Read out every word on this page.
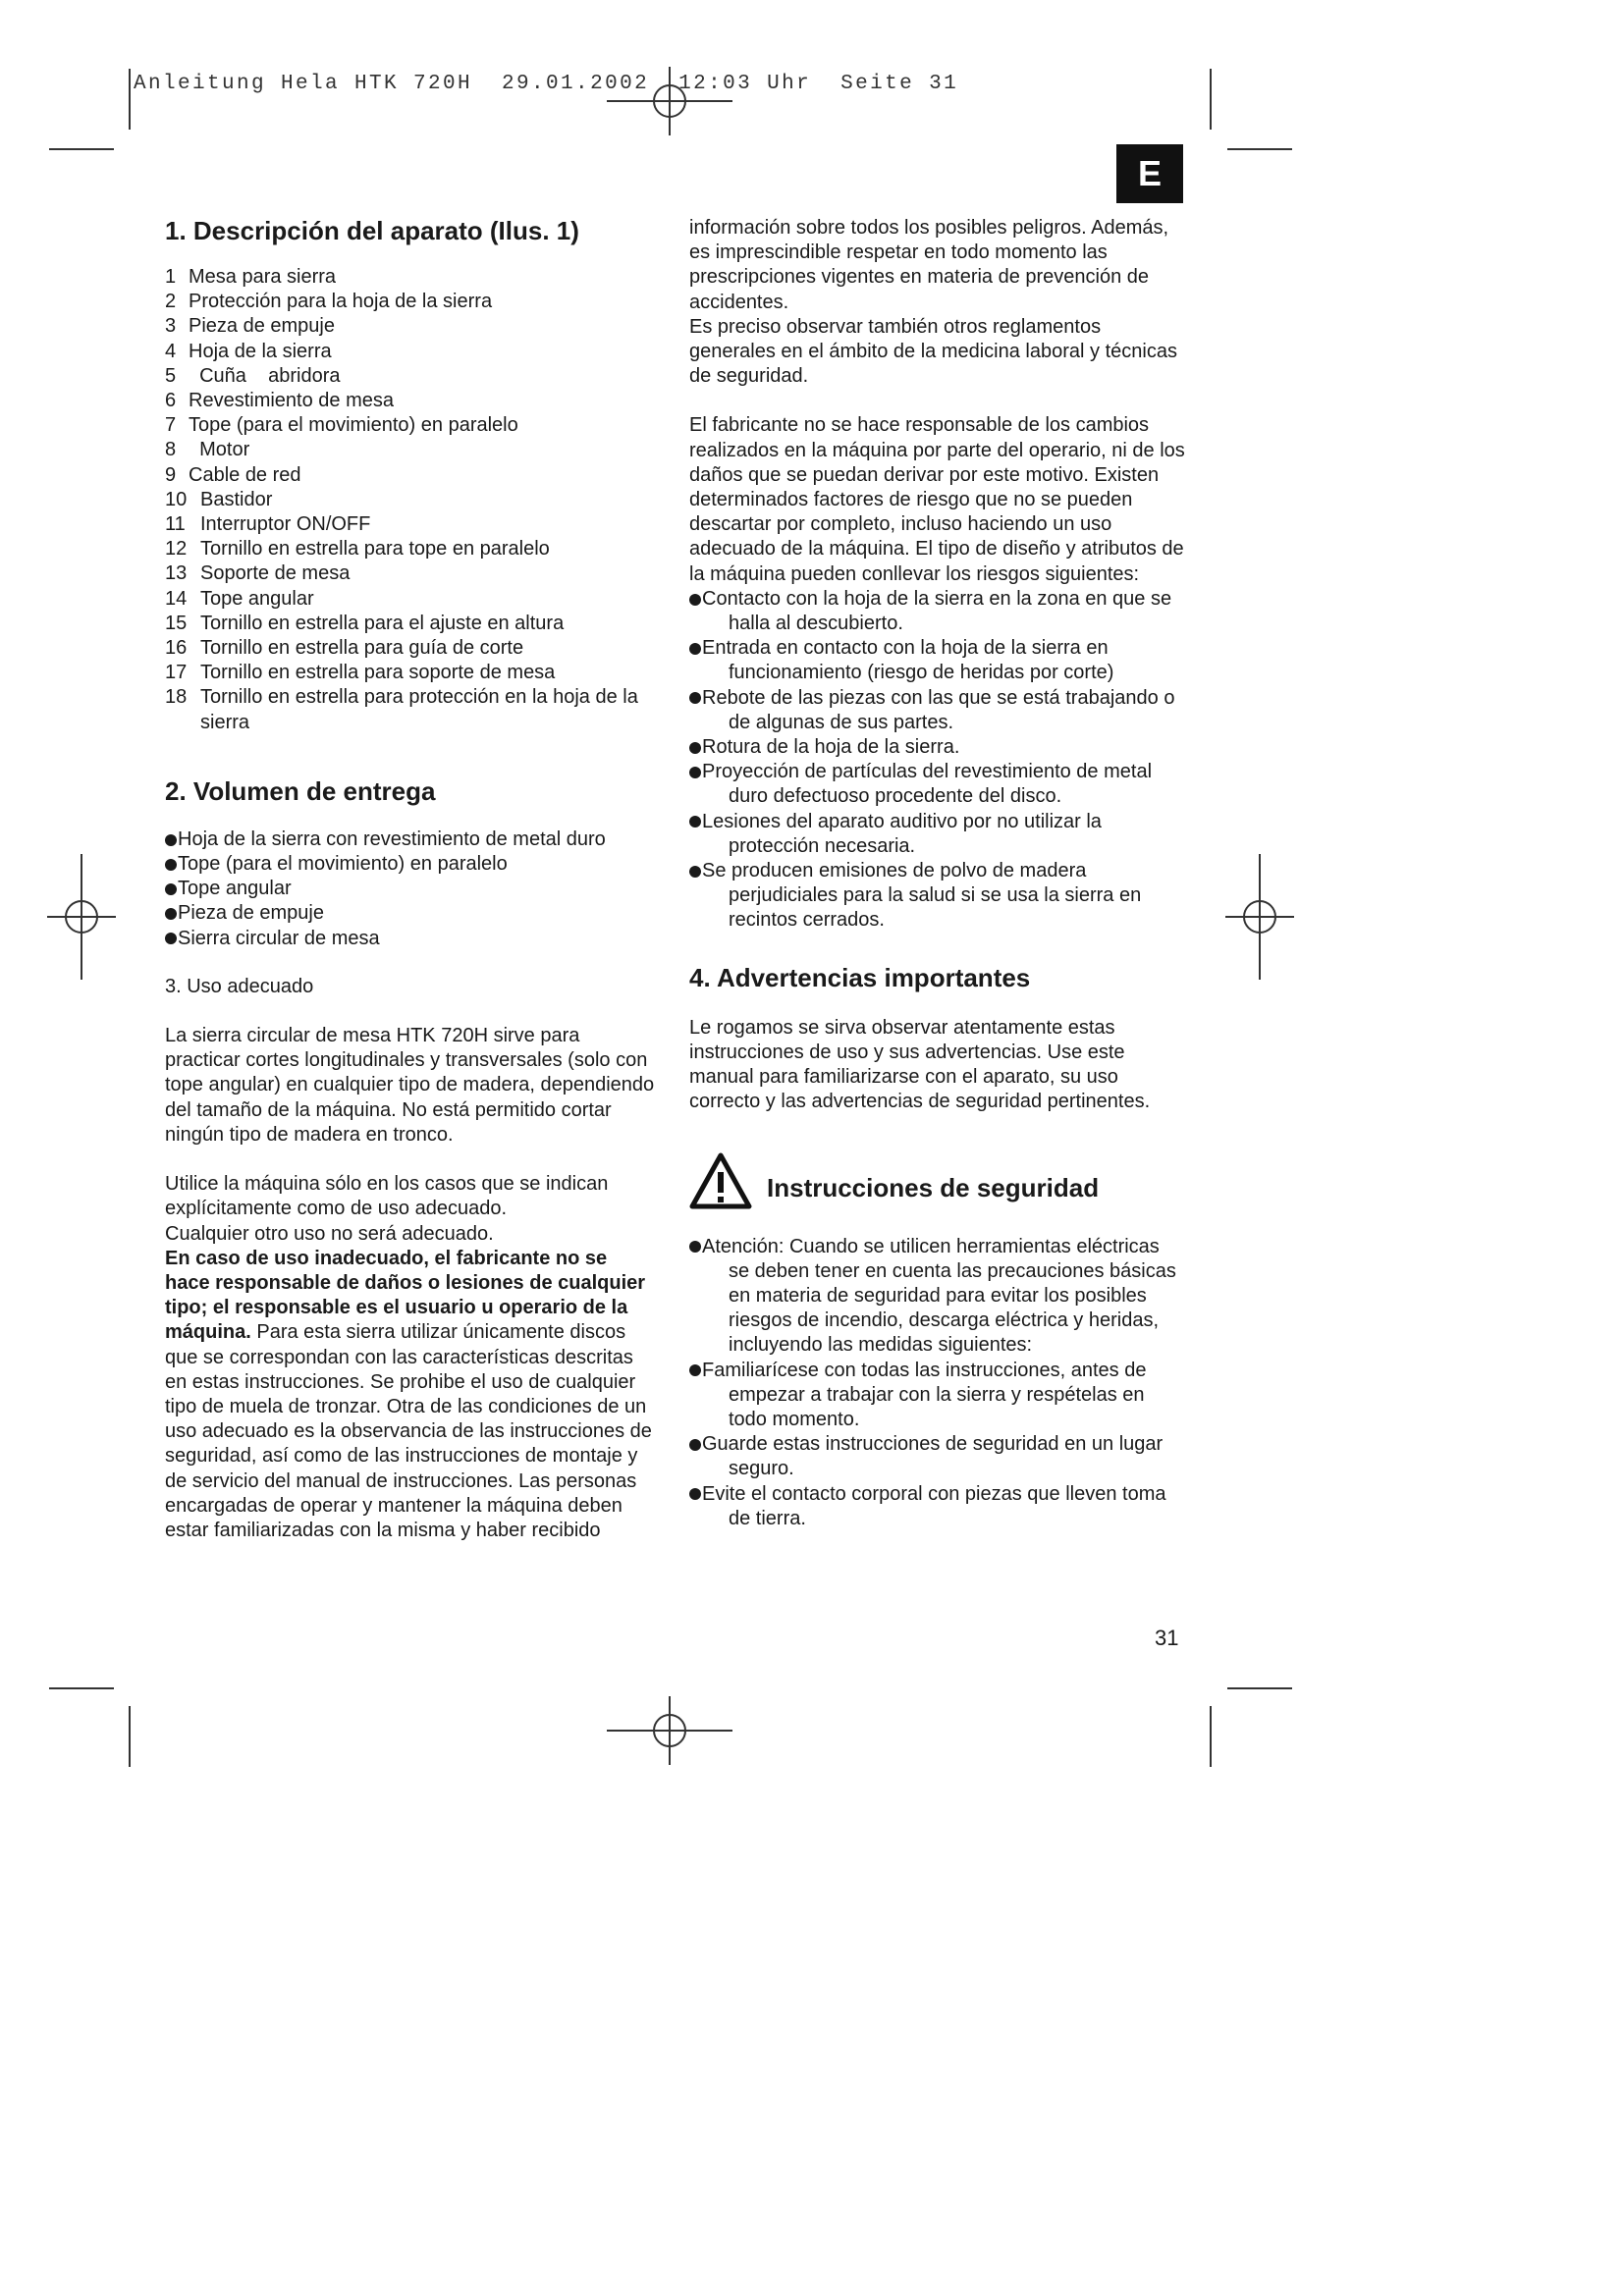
Anleitung Hela HTK 720H  29.01.2002  12:03 Uhr  Seite 31
E
1. Descripción del aparato (Ilus. 1)
1 Mesa para sierra
2 Protección para la hoja de la sierra
3 Pieza de empuje
4 Hoja de la sierra
5 Cuña    abridora
6 Revestimiento de mesa
7 Tope (para el movimiento) en paralelo
8 Motor
9 Cable de red
10 Bastidor
11 Interruptor ON/OFF
12 Tornillo en estrella para tope en paralelo
13 Soporte de mesa
14 Tope angular
15 Tornillo en estrella para el ajuste en altura
16 Tornillo en estrella para guía de corte
17 Tornillo en estrella para soporte de mesa
18 Tornillo en estrella para protección en la hoja de la sierra
2. Volumen de entrega
Hoja de la sierra con revestimiento de metal duro
Tope (para el movimiento) en paralelo
Tope angular
Pieza de empuje
Sierra circular de mesa

3. Uso adecuado

La sierra circular de mesa HTK 720H sirve para practicar cortes longitudinales y transversales (solo con tope angular) en cualquier tipo de madera, dependiendo del tamaño de la máquina. No está permitido cortar ningún tipo de madera en tronco.

Utilice la máquina sólo en los casos que se indican explícitamente como de uso adecuado.

Cualquier otro uso no será adecuado.

En caso de uso inadecuado, el fabricante no se hace responsable de daños o lesiones de cualquier tipo; el responsable es el usuario u operario de la máquina. Para esta sierra utilizar únicamente discos que se correspondan con las características descritas en estas instrucciones. Se prohibe el uso de cualquier tipo de muela de tronzar. Otra de las condiciones de un uso adecuado es la observancia de las instrucciones de seguridad, así como de las instrucciones de montaje y de servicio del manual de instrucciones. Las personas encargadas de operar y mantener la máquina deben estar familiarizadas con la misma y haber recibido

información sobre todos los posibles peligros. Además, es imprescindible respetar en todo momento las prescripciones vigentes en materia de prevención de accidentes.

Es preciso observar también otros reglamentos generales en el ámbito de la medicina laboral y técnicas de seguridad.

El fabricante no se hace responsable de los cambios realizados en la máquina por parte del operario, ni de los daños que se puedan derivar por este motivo. Existen determinados factores de riesgo que no se pueden descartar por completo, incluso haciendo un uso adecuado de la máquina. El tipo de diseño y atributos de la máquina pueden conllevar los riesgos siguientes:

Contacto con la hoja de la sierra en la zona en que se halla al descubierto.
Entrada en contacto con la hoja de la sierra en funcionamiento (riesgo de heridas por corte)
Rebote de las piezas con las que se está trabajando o de algunas de sus partes.
Rotura de la hoja de la sierra.
Proyección de partículas del revestimiento de metal duro defectuoso procedente del disco.
Lesiones del aparato auditivo por no utilizar la protección necesaria.
Se producen emisiones de polvo de madera perjudiciales para la salud si se usa la sierra en recintos cerrados.
4. Advertencias importantes

Le rogamos se sirva observar atentamente estas instrucciones de uso y sus advertencias. Use este manual para familiarizarse con el aparato, su uso correcto y las advertencias de seguridad pertinentes.

Instrucciones de seguridad
Atención: Cuando se utilicen herramientas eléctricas se deben tener en cuenta las precauciones básicas en materia de seguridad para evitar los posibles riesgos de incendio, descarga eléctrica y heridas, incluyendo las medidas siguientes:
Familiarícese con todas las instrucciones, antes de empezar a trabajar con la sierra y respételas en todo momento.
Guarde estas instrucciones de seguridad en un lugar seguro.
Evite el contacto corporal con piezas que lleven toma de tierra.
31
